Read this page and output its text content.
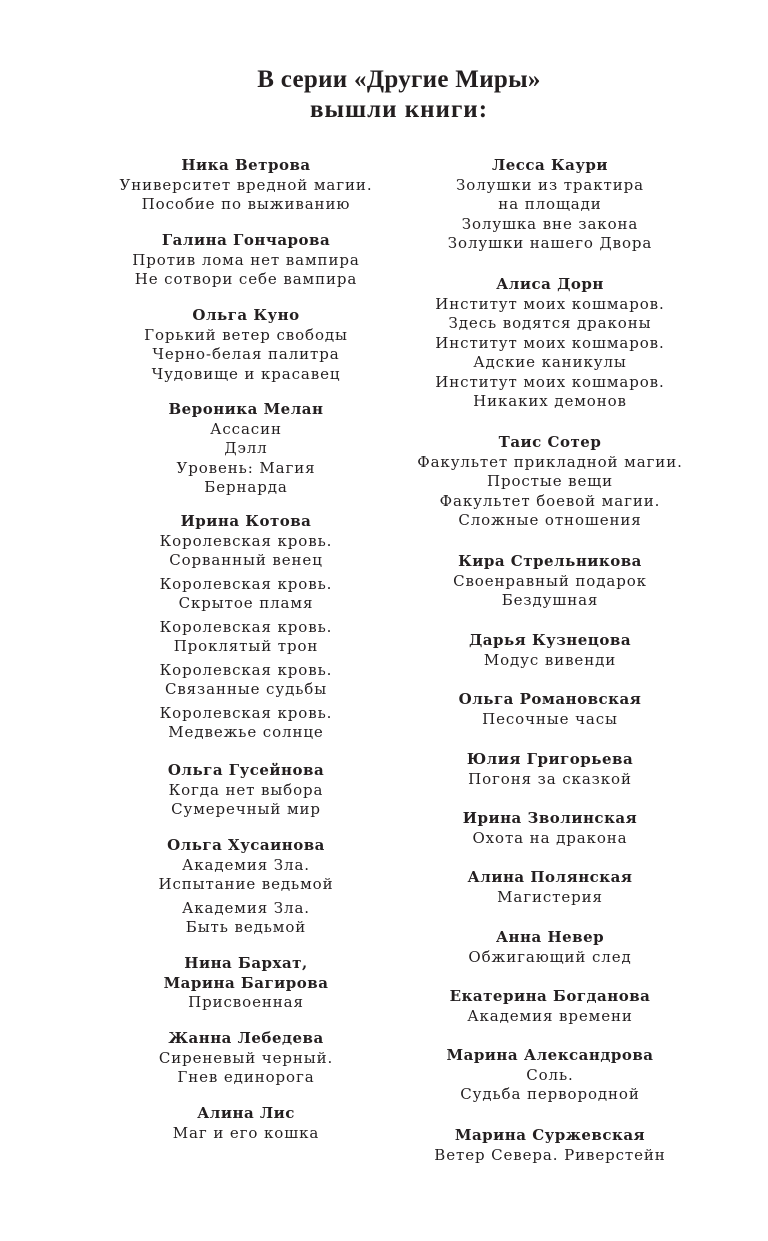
В серии «Другие Миры»
вышли книги:
Ника Ветрова
Университет вредной магии.
Пособие по выживанию
Галина Гончарова
Против лома нет вампира
Не сотвори себе вампира
Ольга Куно
Горький ветер свободы
Черно-белая палитра
Чудовище и красавец
Вероника Мелан
Ассасин
Дэлл
Уровень: Магия
Бернарда
Ирина Котова
Королевская кровь.
Сорванный венец
Королевская кровь.
Скрытое пламя
Королевская кровь.
Проклятый трон
Королевская кровь.
Связанные судьбы
Королевская кровь.
Медвежье солнце
Ольга Гусейнова
Когда нет выбора
Сумеречный мир
Ольга Хусаинова
Академия Зла.
Испытание ведьмой
Академия Зла.
Быть ведьмой
Нина Бархат,
Марина Багирова
Присвоенная
Жанна Лебедева
Сиреневый черный.
Гнев единорога
Алина Лис
Маг и его кошка
Лесса Каури
Золушки из трактира
на площади
Золушка вне закона
Золушки нашего Двора
Алиса Дорн
Институт моих кошмаров.
Здесь водятся драконы
Институт моих кошмаров.
Адские каникулы
Институт моих кошмаров.
Никаких демонов
Таис Сотер
Факультет прикладной магии.
Простые вещи
Факультет боевой магии.
Сложные отношения
Кира Стрельникова
Своенравный подарок
Бездушная
Дарья Кузнецова
Модус вивенди
Ольга Романовская
Песочные часы
Юлия Григорьева
Погоня за сказкой
Ирина Зволинская
Охота на дракона
Алина Полянская
Магистерия
Анна Невер
Обжигающий след
Екатерина Богданова
Академия времени
Марина Александрова
Соль.
Судьба первородной
Марина Суржевская
Ветер Севера. Риверстейн
